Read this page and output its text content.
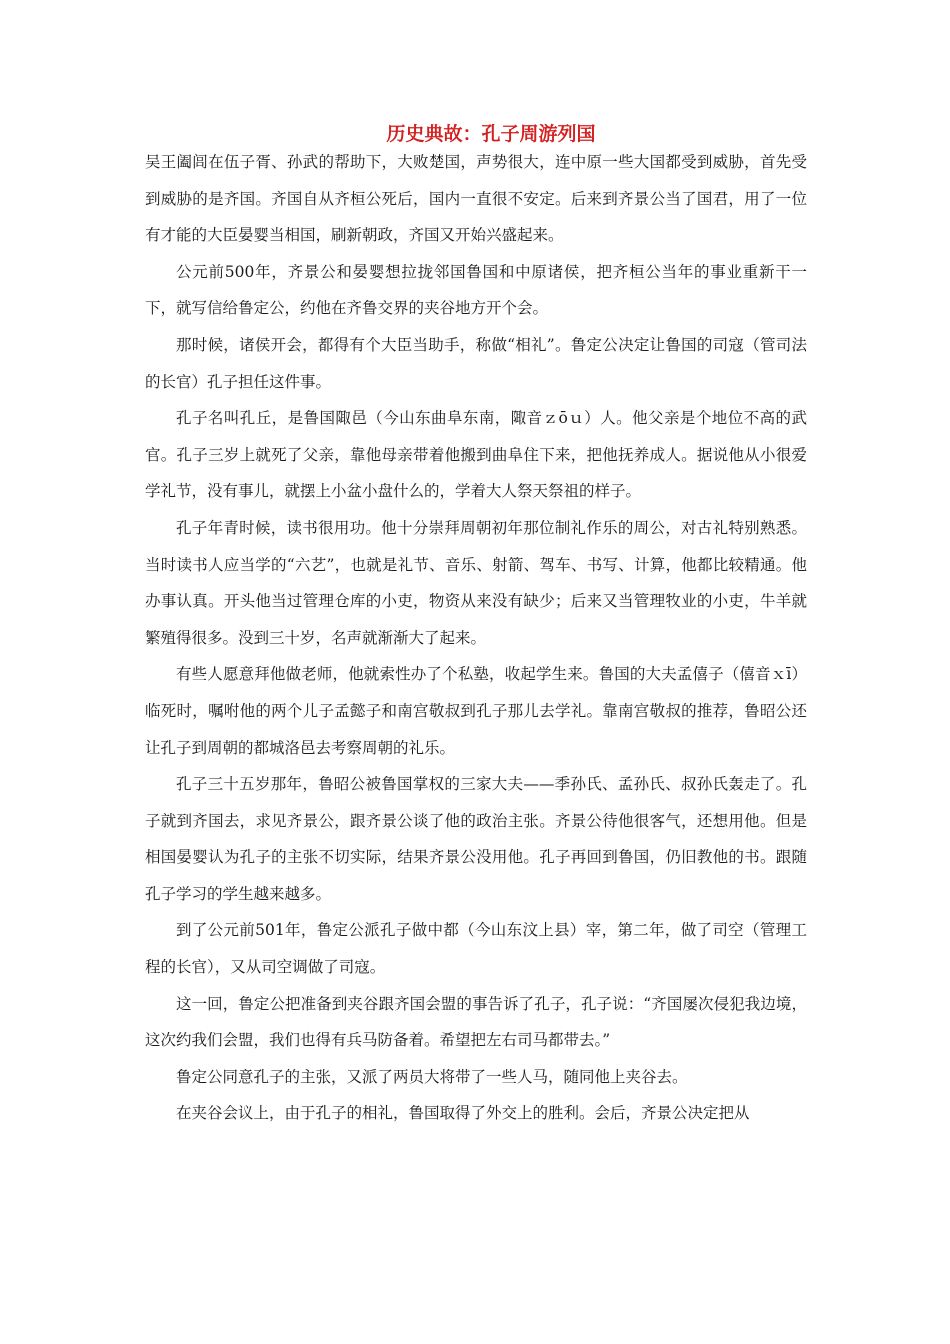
历史典故：孔子周游列国

吴王阖闾在伍子胥、孙武的帮助下，大败楚国，声势很大，连中原一些大国都受到威胁，首先受到威胁的是齐国。齐国自从齐桓公死后，国内一直很不安定。后来到齐景公当了国君，用了一位有才能的大臣晏婴当相国，刷新朝政，齐国又开始兴盛起来。

公元前500年，齐景公和晏婴想拉拢邻国鲁国和中原诸侯，把齐桓公当年的事业重新干一下，就写信给鲁定公，约他在齐鲁交界的夹谷地方开个会。

那时候，诸侯开会，都得有个大臣当助手，称做“相礼”。鲁定公决定让鲁国的司寇（管司法的长官）孔子担任这件事。

孔子名叫孔丘，是鲁国陬邑（今山东曲阜东南，陬音ｚōｕ）人。他父亲是个地位不高的武官。孔子三岁上就死了父亲，靠他母亲带着他搬到曲阜住下来，把他抚养成人。据说他从小很爱学礼节，没有事儿，就摆上小盆小盘什么的，学着大人祭天祭祖的样子。

孔子年青时候，读书很用功。他十分崇拜周朝初年那位制礼作乐的周公，对古礼特别熟悉。当时读书人应当学的“六艺”，也就是礼节、音乐、射箭、驾车、书写、计算，他都比较精通。他办事认真。开头他当过管理仓库的小吏，物资从来没有缺少；后来又当管理牧业的小吏，牛羊就繁殖得很多。没到三十岁，名声就渐渐大了起来。

有些人愿意拜他做老师，他就索性办了个私塾，收起学生来。鲁国的大夫孟僖子（僖音ｘī）临死时，嘱咐他的两个儿子孟懿子和南宫敬叔到孔子那儿去学礼。靠南宫敬叔的推荐，鲁昭公还让孔子到周朝的都城洛邑去考察周朝的礼乐。

孔子三十五岁那年，鲁昭公被鲁国掌权的三家大夫——季孙氏、孟孙氏、叔孙氏轰走了。孔子就到齐国去，求见齐景公，跟齐景公谈了他的政治主张。齐景公待他很客气，还想用他。但是相国晏婴认为孔子的主张不切实际，结果齐景公没用他。孔子再回到鲁国，仍旧教他的书。跟随孔子学习的学生越来越多。

到了公元前501年，鲁定公派孔子做中都（今山东汶上县）宰，第二年，做了司空（管理工程的长官），又从司空调做了司寇。

这一回，鲁定公把准备到夹谷跟齐国会盟的事告诉了孔子，孔子说：“齐国屡次侵犯我边境，这次约我们会盟，我们也得有兵马防备着。希望把左右司马都带去。”

鲁定公同意孔子的主张，又派了两员大将带了一些人马，随同他上夹谷去。

在夹谷会议上，由于孔子的相礼，鲁国取得了外交上的胜利。会后，齐景公决定把从
